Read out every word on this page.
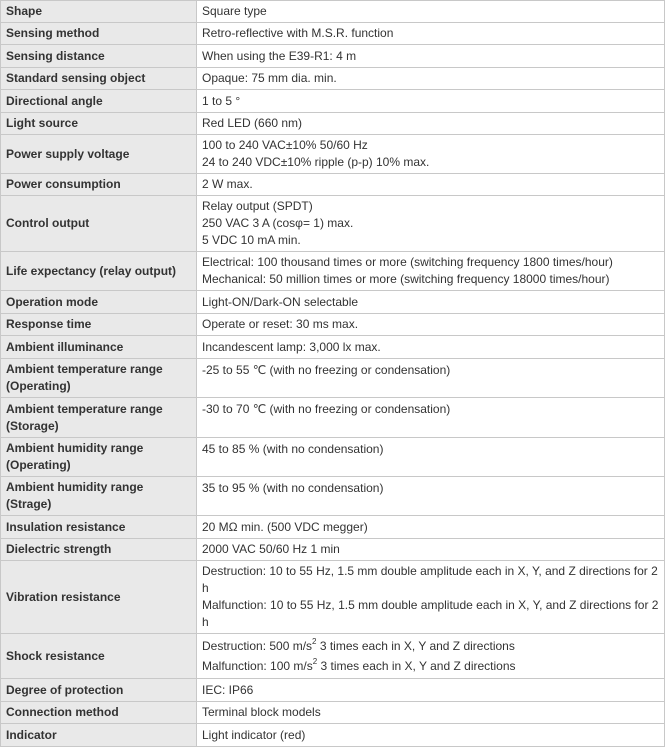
Shape	Square type
Sensing method	Retro-reflective with M.S.R. function
Sensing distance	When using the E39-R1: 4 m
Standard sensing object	Opaque: 75 mm dia. min.
Directional angle	1 to 5 °
Light source	Red LED (660 nm)
Power supply voltage	100 to 240 VAC±10% 50/60 Hz
24 to 240 VDC±10% ripple (p-p) 10% max.

Power consumption	2 W max.
Control output	Relay output (SPDT)
250 VAC 3 A (cosφ= 1) max.
5 VDC 10 mA min.

Life expectancy (relay output)	Electrical: 100 thousand times or more (switching frequency 1800 times/hour)
Mechanical: 50 million times or more (switching frequency 18000 times/hour)

Operation mode	Light-ON/Dark-ON selectable
Response time	Operate or reset: 30 ms max.
Ambient illuminance	Incandescent lamp: 3,000 lx max.
Ambient temperature range (Operating)	-25 to 55 ℃ (with no freezing or condensation)
Ambient temperature range (Storage)	-30 to 70 ℃ (with no freezing or condensation)
Ambient humidity range (Operating)	45 to 85 % (with no condensation)
Ambient humidity range (Strage)	35 to 95 % (with no condensation)
Insulation resistance	20 MΩ min. (500 VDC megger)
Dielectric strength	2000 VAC 50/60 Hz 1 min
Vibration resistance	Destruction: 10 to 55 Hz, 1.5 mm double amplitude each in X, Y, and Z directions for 2 h
Malfunction: 10 to 55 Hz, 1.5 mm double amplitude each in X, Y, and Z directions for 2 h

Shock resistance	Destruction: 500 $m/s^2$ 3 times each in X, Y and Z directions
Malfunction: 100 $m/s^2$ 3 times each in X, Y and Z directions

Degree of protection	IEC: IP66
Connection method	Terminal block models
Indicator	Light indicator (red)
